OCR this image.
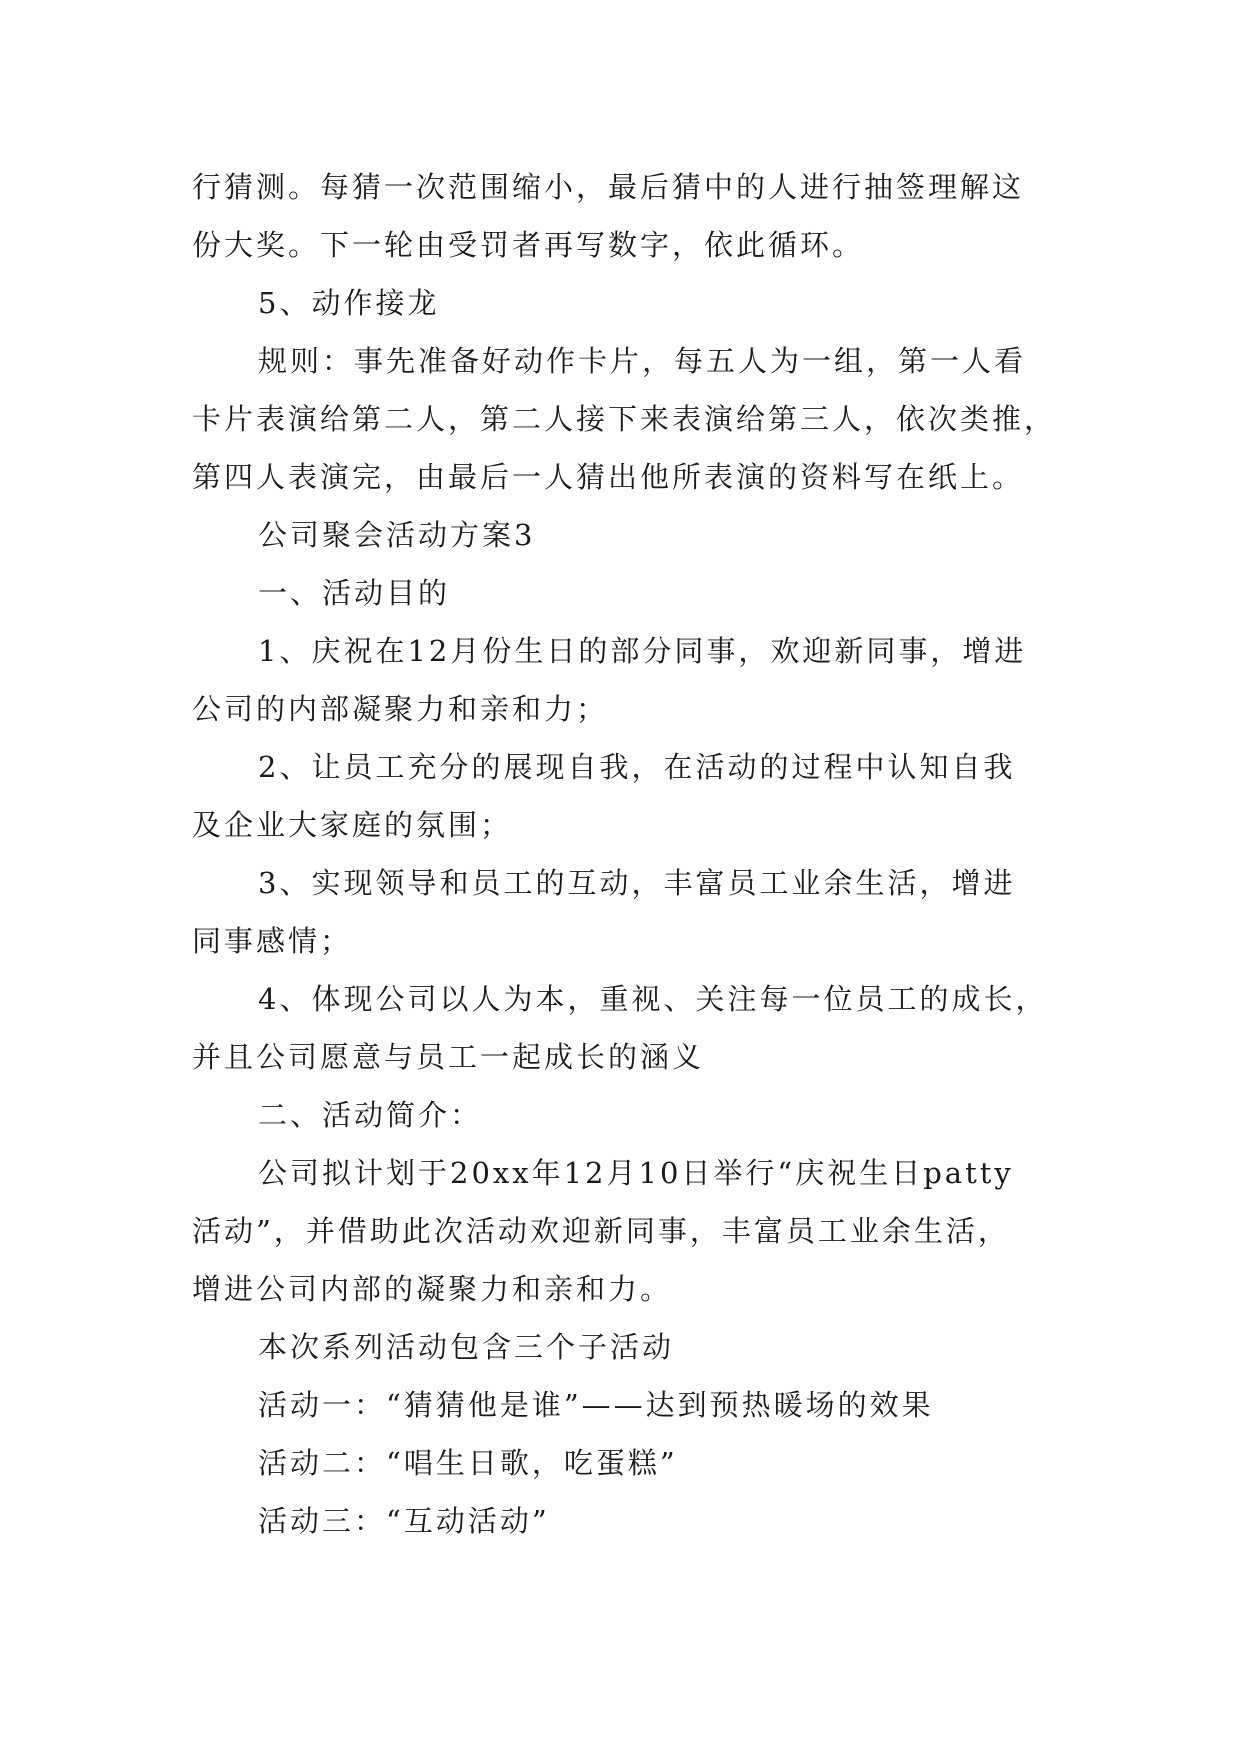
行猜测。每猜一次范围缩小，最后猜中的人进行抽签理解这

份大奖。下一轮由受罚者再写数字，依此循环。

5、动作接龙

规则：事先准备好动作卡片，每五人为一组，第一人看

卡片表演给第二人，第二人接下来表演给第三人，依次类推，

第四人表演完，由最后一人猜出他所表演的资料写在纸上。

公司聚会活动方案3

一、活动目的

1、庆祝在12月份生日的部分同事，欢迎新同事，增进

公司的内部凝聚力和亲和力；

2、让员工充分的展现自我，在活动的过程中认知自我

及企业大家庭的氛围；

3、实现领导和员工的互动，丰富员工业余生活，增进

同事感情；

4、体现公司以人为本，重视、关注每一位员工的成长，

并且公司愿意与员工一起成长的涵义

二、活动简介：

公司拟计划于20xx年12月10日举行“庆祝生日patty

活动”，并借助此次活动欢迎新同事，丰富员工业余生活，

增进公司内部的凝聚力和亲和力。

本次系列活动包含三个子活动

活动一：“猜猜他是谁”——达到预热暖场的效果

活动二：“唱生日歌，吃蛋糕”

活动三：“互动活动”
